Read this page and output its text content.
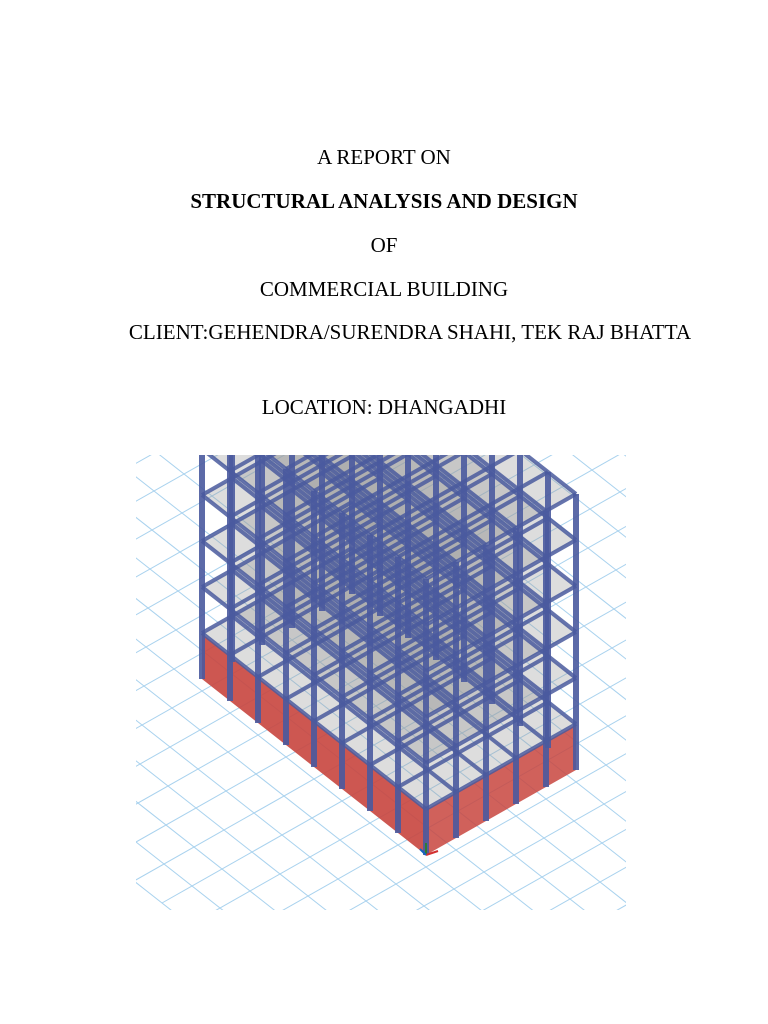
A REPORT ON
STRUCTURAL ANALYSIS AND DESIGN
OF
COMMERCIAL BUILDING
CLIENT:GEHENDRA/SURENDRA SHAHI, TEK RAJ BHATTA
LOCATION: DHANGADHI
